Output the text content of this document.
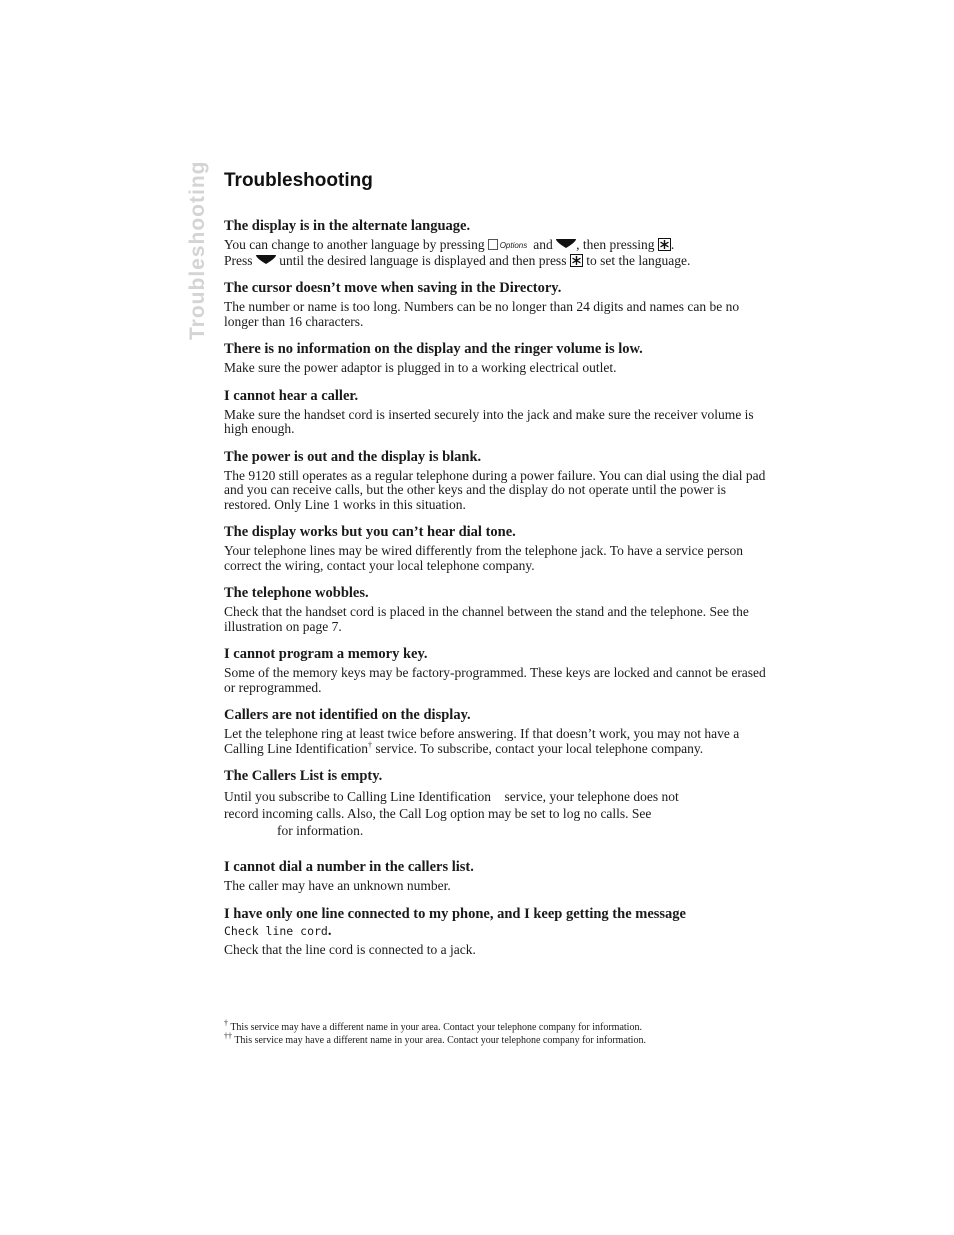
Troubleshooting Troubleshooting

The display is in the alternate language.

You can change to another language by pressing Options and , then pressing .
Press until the desired language is displayed and then press to set the language.

The cursor doesn’t move when saving in the Directory.

The number or name is too long. Numbers can be no longer than 24 digits and names can be no longer than 16 characters.

There is no information on the display and the ringer volume is low.

Make sure the power adaptor is plugged in to a working electrical outlet.

I cannot hear a caller.

Make sure the handset cord is inserted securely into the jack and make sure the receiver volume is high enough.

The power is out and the display is blank.

The 9120 still operates as a regular telephone during a power failure. You can dial using the dial pad and you can receive calls, but the other keys and the display do not operate until the power is restored. Only Line 1 works in this situation.

The display works but you can’t hear dial tone.

Your telephone lines may be wired differently from the telephone jack. To have a service person correct the wiring, contact your local telephone company.

The telephone wobbles.

Check that the handset cord is placed in the channel between the stand and the telephone. See the illustration on page 7.

I cannot program a memory key.

Some of the memory keys may be factory-programmed. These keys are locked and cannot be erased or reprogrammed.

Callers are not identified on the display.

Let the telephone ring at least twice before answering. If that doesn’t work, you may not have a Calling Line Identification† service. To subscribe, contact your local telephone company.

The Callers List is empty.

Until you subscribe to Calling Line Identification service, your telephone does not
record incoming calls. Also, the Call Log option may be set to log no calls. See
for information.

I cannot dial a number in the callers list.

The caller may have an unknown number.

I have only one line connected to my phone, and I keep getting the message
Check line cord.

Check that the line cord is connected to a jack.

† This service may have a different name in your area. Contact your telephone company for information.

†† This service may have a different name in your area. Contact your telephone company for information.
